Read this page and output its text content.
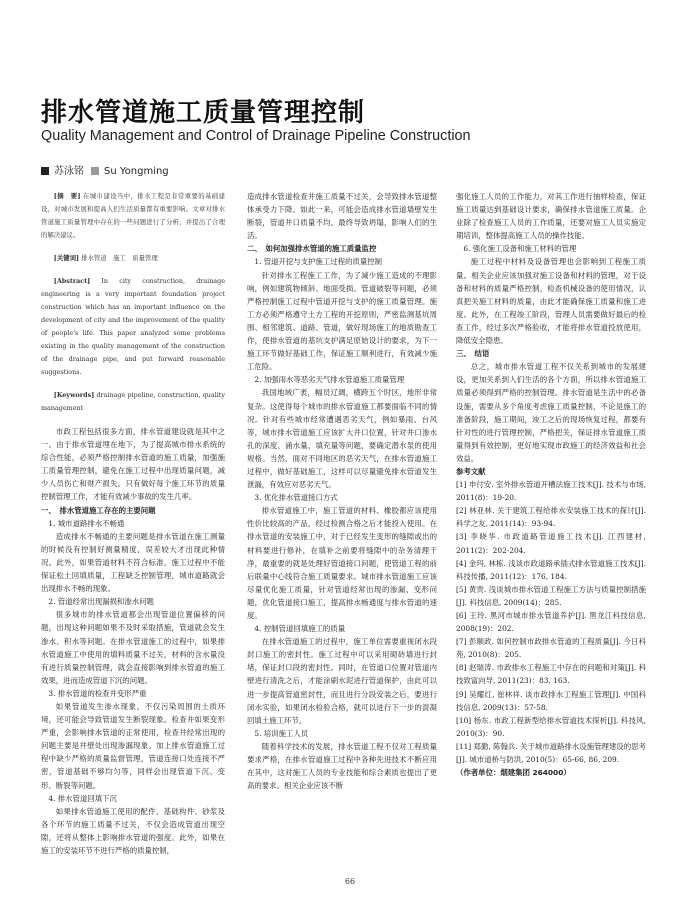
排水管道施工质量管理控制
Quality Management and Control of Drainage Pipeline Construction
苏泳铭 Su Yongming

[摘　要] 在城市建设当中，排水工程是非常重要的基础建设，对城市发展和提高人们生活质量都有重要影响。文章对排水管道施工质量管理中存在的一些问题进行了分析，并提出了合理的解决建议。

[关键词] 排水管道　施工　质量管理

[Abstract] In city construction, drainage engineering is a very important foundation project construction which has an important influence on the development of city and the improvement of the quality of people's life. This paper analyzed some problems existing in the quality management of the construction of the drainage pipe, and put forward reasonable suggestions.

[Keywords] drainage pipeline, construction, quality management

市政工程包括很多方面，排水管道建设就是其中之一。由于排水管道埋在地下，为了提高城市排水系统的综合性能，必须严格控制排水管道的施工质量，加强施工质量管理控制，避免在施工过程中出现质量问题，减少人员伤亡和财产损失。只有做好每个施工环节的质量控制管理工作，才能有效减少事故的发生几率。

一、　排水管道施工存在的主要问题

1. 城市道路排水不畅通

造成排水不畅通的主要问题是排水管道在施工测量的时候没有控制好测量精度，误差较大才出现此种情况。此外，如果管道材料不符合标准，施工过程中不能保证松土回填质量，工程缺乏控制管理，城市道路就会出现排水不畅的现象。

2. 管道经常出现漏损和渗水问题

很多城市的排水管道都会出现管道位置偏移的问题，出现这种问题如果不及时采取措施，管道就会发生渗水、积水等问题。在排水管道施工的过程中，如果排水管道施工中使用的填料质量不过关，材料的含水量没有进行质量控制管理，就会直接影响到排水管道的施工效果，进而造成管道下沉的问题。

3. 排水管道的检查井变形严重

如果管道发生渗水现象，不仅污染周围的土质环境，还可能会导致管道发生断裂现象。检查井如果变形严重，会影响排水管道的正常使用，检查井经常出现的问题主要是井壁处出现渗漏现象。加上排水管道施工过程中缺少严格的质量监督管理，管道连接口处连接不严密，管道基础不够均匀等，同样会出现管道下沉、变形、断裂等问题。

4. 排水管道回填下沉

如果排水管道施工使用的配件、基础构件、砂浆及各个环节的施工质量不过关，不仅会造成管道出现空隙，还将从整体上影响排水管道的强度。此外，如果在施工的安装环节不进行严格的质量控制，

造成排水管道检查井施工质量不过关，会导致排水管道整体承受力下降。如此一来，可能会造成排水管道墙壁发生断裂，管道井口质量不均，最终导致坍塌，影响人们的生活。

二、　如何加强排水管道的施工质量监控

1. 管道开挖与支护施工过程的质量控制

针对排水工程施工工作，为了减少施工造成的不理影响，例如建筑物倾斜、地面受损、管道破裂等问题，必须严格控制施工过程中管道开挖与支护的施工质量管理。施工方必须严格遵守土方工程的开挖原则，严密监测基坑周围、相邻建筑、道路、管道，做好现场施工的地质勘查工作，使排水管道的基坑支护满足原始设计的要求，为下一施工环节做好基础工作，保证施工顺利进行，有效减少施工危险。

2. 加强雨水等恶劣天气排水管道施工质量管理

我国地域广袤，幅员辽阔，横跨五个时区，地形非常复杂。这使得每个城市的排水管道施工都要面临不同的情况。针对有些城市经常遭遇恶劣天气，例如暴雨、台风等，城市排水管道施工应该扩大井口位置，针对井口渗水孔的深度、涌水量、填充量等问题，要确定潜水泵的使用规格。当然，面对不同地区的恶劣天气，在排水管道施工过程中，做好基础施工，这样可以尽量避免排水管道发生泄漏，有效应对恶劣天气。

3. 优化排水管道接口方式

排水管道施工中，施工管道的材料、橡胶都应该使用性价比较高的产品，经过检测合格之后才能投入使用。在排水管道的安装施工中，对于已经发生变形的缝隙或出的材料要进行修补，在填补之前要将缝隙中的杂务清理干净，最重要的就是处理好管道接口问题，使管道工程的前后联量中心线符合施工质量要求。城市排水管道施工应该尽量优化施工质量，针对管道经常出现的渗漏、变形问题，优化管道接口施工，提高排水畅通度与排水管道的速度。

4. 控制管道回填施工的质量

在排水管道施工的过程中，施工单位需要重视闭水段封口施工的密封性。施工过程中可以采用砌砖墙进行封堵，保证封口段的密封性。同时，在管道口位置对管道内壁进行清洗之后，才能涂刷水泥进行管道保护，由此可以进一步提高管道密封性，而且进行分段安装之后，要进行闭水实验，如果闭水检验合格，就可以进行下一步的混凝回填土施工环节。

5. 培训施工人员

随着科学技术的发展，排水管道工程不仅对工程质量要求严格，在排水管道施工过程中各种先进技术不断应用在其中，这对施工人员的专业技能和综合素质也提出了更高的要求。相关企业应该不断

强化施工人员的工作能力，对其工作进行抽样检查，保证施工质量达到基础设计要求，确保排水管道施工质量。企业除了检查施工人员的工作质量，还要对施工人员实施定期培训，整体提高施工人员的操作技能。

6. 强化施工设备和施工材料的管理

施工过程中材料及设备管理也会影响到工程施工质量。相关企业应该加强对施工设备和材料的管理，对于设备和材料的质量严格控制，检查机械设备的使用情况，认真把关施工材料的质量，由此才能确保施工质量和施工进度。此外，在工程竣工阶段，管理人员需要做好最后的检查工作，经过多次严格验收，才能将排水管道投放使用，降低安全隐患。

三、　结语

总之，城市排水管道工程不仅关系到城市的发展建设，更加关系到人们生活的各个方面，所以排水管道施工质量必须得到严格的控制管理。排水管道是生活中的必备设施，需要从多个角度考虑施工质量控制，不论是施工的准备阶段，施工期间，竣工之后的现场恢复过程，都要有针对性的进行管理控制，严格把关，保证排水管道施工质量得到有效控制，更好地实现市政施工的经济效益和社会效益。

参考文献

[1] 申付安. 室外排水管道开槽法施工技术[J]. 技术与市场, 2011(8)：19-20.

[2] 林亚林. 关于建筑工程给排水安装施工技术的探讨[J]. 科学之友, 2011(14)：93-94.

[3] 李晓华. 市政道路管道施工技术[J]. 江西建材, 2011(2)：202-204.

[4] 金玛, 林栋. 浅谈市政道路承插式排水管道施工技术[J]. 科技传播, 2011(12)：176, 184.

[5] 黄贵. 浅谈城市排水管道工程施工方法与质量控制措施[J]. 科技信息, 2009(14)：285.

[6] 王玲. 黑河市城市排水管道养护[J]. 黑龙江科技信息, 2008(19)：202.

[7] 彭顺政. 如何控制市政排水管道的工程质量[J]. 今日科苑, 2010(8)：205.

[8] 赵瑞涛. 市政排水工程施工中存在的问题和对策[J]. 科技致富向导, 2011(23)：83, 163.

[9] 吴耀红, 崔林祥. 谈市政排水工程施工管理[J]. 中国科技信息, 2009(13)：57-58.

[10] 杨东. 市政工程新型给排水管道技术探析[J]. 科技风, 2010(3)：90.

[11] 郑勤, 陈翰兵. 关于城市道路排水设施管理建设的思考[J]. 城市道桥与防洪, 2010(5)：65-66, 86, 209.

（作者单位：烟建集团 264000）

66
